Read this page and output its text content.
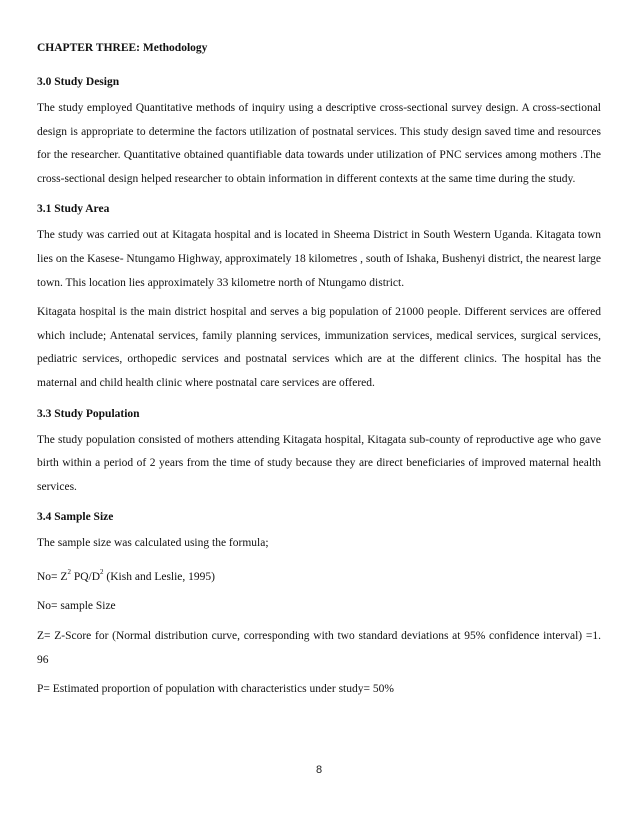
CHAPTER THREE: Methodology
3.0 Study Design

The study employed Quantitative methods of inquiry using a descriptive cross-sectional survey design. A cross-sectional design is appropriate to determine the factors utilization of postnatal services. This study design saved time and resources for the researcher. Quantitative obtained quantifiable data towards under utilization of PNC services among mothers .The cross-sectional design helped researcher to obtain information in different contexts at the same time during the study.

3.1 Study Area

The study was carried out at Kitagata hospital and is located in Sheema District in South Western Uganda. Kitagata town lies on the Kasese- Ntungamo Highway, approximately 18 kilometres , south of Ishaka, Bushenyi district, the nearest large town. This location lies approximately 33 kilometre north of Ntungamo district.

Kitagata hospital is the main district hospital and serves a big population of 21000 people. Different services are offered which include; Antenatal services, family planning services, immunization services, medical services, surgical services, pediatric services, orthopedic services and postnatal services which are at the different clinics. The hospital has the maternal and child health clinic where postnatal care services are offered.

3.3 Study Population

The study population consisted of mothers attending Kitagata hospital, Kitagata sub-county of reproductive age who gave birth within a period of 2 years from the time of study because they are direct beneficiaries of improved maternal health services.

3.4 Sample Size

The sample size was calculated using the formula;

$No= Z^2$ $PQ/D^2$ (Kish and Leslie, 1995)

No= sample Size

Z= Z-Score for (Normal distribution curve, corresponding with two standard deviations at 95% confidence interval) =1. 96

P= Estimated proportion of population with characteristics under study= 50%

8
